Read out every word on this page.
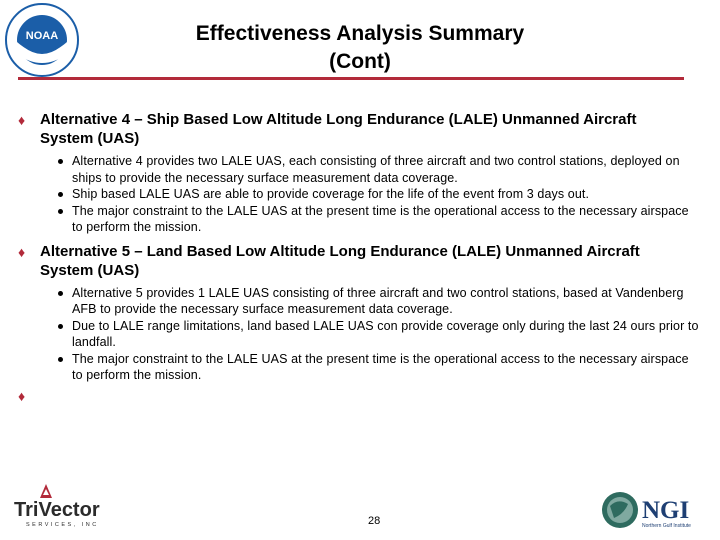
NOAA	Effectiveness Analysis Summary
(Cont)
♦ Alternative 4 – Ship Based Low Altitude Long Endurance (LALE) Unmanned Aircraft System (UAS)
Alternative 4 provides two LALE UAS, each consisting of three aircraft and two control stations, deployed on ships to provide the necessary surface measurement data coverage.
Ship based LALE UAS are able to provide coverage for the life of the event from 3 days out.
The major constraint to the LALE UAS at the present time is the operational access to the necessary airspace to perform the mission.
♦ Alternative 5 – Land Based Low Altitude Long Endurance (LALE) Unmanned Aircraft System (UAS)
Alternative 5 provides 1 LALE UAS consisting of three aircraft and two control stations, based at Vandenberg AFB to provide the necessary surface measurement data coverage.
Due to LALE range limitations, land based LALE UAS con provide coverage only during the last 24 ours prior to landfall.
The major constraint to the LALE UAS at the present time is the operational access to the necessary airspace to perform the mission.
♦
TriVector
SERVICES, INC	28	NGI
Northern Gulf Institute
